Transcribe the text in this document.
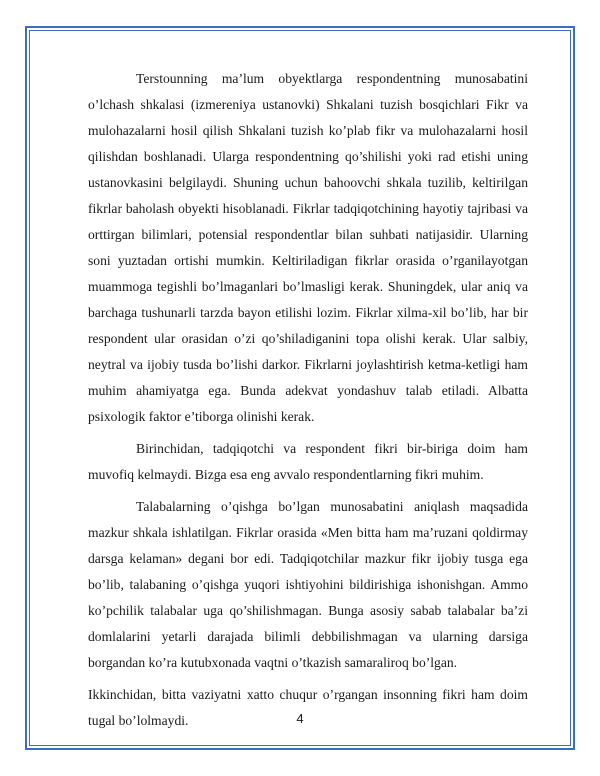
Terstounning ma’lum obyektlarga respondentning munosabatini o’lchash shkalasi (izmereniya ustanovki) Shkalani tuzish bosqichlari Fikr va mulohazalarni hosil qilish Shkalani tuzish ko’plab fikr va mulohazalarni hosil qilishdan boshlanadi. Ularga respondentning qo’shilishi yoki rad etishi uning ustanovkasini belgilaydi. Shuning uchun bahoovchi shkala tuzilib, keltirilgan fikrlar baholash obyekti hisoblanadi. Fikrlar tadqiqotchining hayotiy tajribasi va orttirgan bilimlari, potensial respondentlar bilan suhbati natijasidir. Ularning soni yuztadan ortishi mumkin. Keltiriladigan fikrlar orasida o’rganilayotgan muammoga tegishli bo’lmaganlari bo’lmasligi kerak. Shuningdek, ular aniq va barchaga tushunarli tarzda bayon etilishi lozim. Fikrlar xilma-xil bo’lib, har bir respondent ular orasidan o’zi qo’shiladiganini topa olishi kerak. Ular salbiy, neytral va ijobiy tusda bo’lishi darkor. Fikrlarni joylashtirish ketma-ketligi ham muhim ahamiyatga ega. Bunda adekvat yondashuv talab etiladi. Albatta psixologik faktor e’tiborga olinishi kerak.

Birinchidan, tadqiqotchi va respondent fikri bir-biriga doim ham muvofiq kelmaydi. Bizga esa eng avvalo respondentlarning fikri muhim.

Talabalarning o’qishga bo’lgan munosabatini aniqlash maqsadida mazkur shkala ishlatilgan. Fikrlar orasida «Men bitta ham ma’ruzani qoldirmay darsga kelaman» degani bor edi. Tadqiqotchilar mazkur fikr ijobiy tusga ega bo’lib, talabaning o’qishga yuqori ishtiyohini bildirishiga ishonishgan. Ammo ko’pchilik talabalar uga qo’shilishmagan. Bunga asosiy sabab talabalar ba’zi domlalarini yetarli darajada bilimli debbilishmagan va ularning darsiga borgandan ko’ra kutubxonada vaqtni o’tkazish samaraliroq bo’lgan.

Ikkinchidan, bitta vaziyatni xatto chuqur o’rgangan insonning fikri ham doim tugal bo’lolmaydi.	4
